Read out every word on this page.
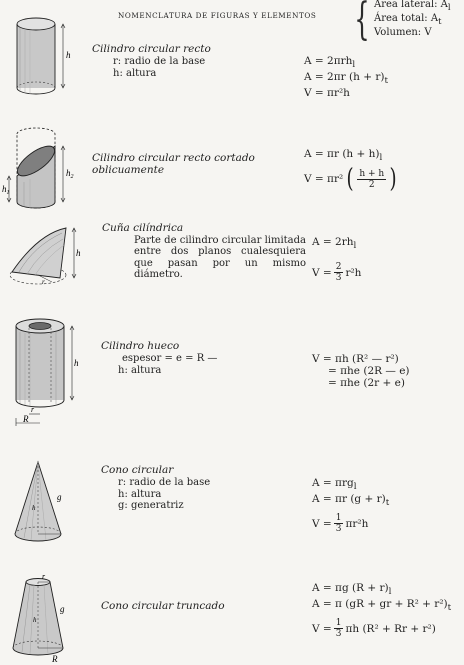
NOMENCLATURA DE FIGURAS Y ELEMENTOS { Área lateral: $A_l$
Área total: $A_t$
Volumen: V
h Cilindro circular recto
r: radio de la base
h: altura
A = 2πrh$_l$
A = 2πr $(h + r)_t$
V = πr²h
$h_2$
$h_1$
Cilindro circular recto cortado
oblicuamente
A = πr $(h + h)_l$
V = πr² ( $\frac{h + h}{2}$ )
h
r
Cuña cilíndrica
Parte de cilindro circular limitada entre dos planos cualesquiera que pasan por un mismo diámetro.
$A = 2rh_l$
$V = \frac{2}{3} r^2h$
h
r
R
Cilindro hueco
espesor = e = R —
h: altura
V = πh (R² — r²)
= πhe (2R — e)
= πhe (2r + e)
g
h
Cono circular
r: radio de la base
h: altura
g: generatriz
A = πrg$_l$
A = πr $(g + r)_t$
$V = \frac{1}{3} \pi r^2h$
r
g
h
R
Cono circular truncado
A = πg $(R + r)_l$
A = π (gR + gr + $R^2 + r^2)_t$
$V = \frac{1}{3}$ πh (R² + Rr + r²)
